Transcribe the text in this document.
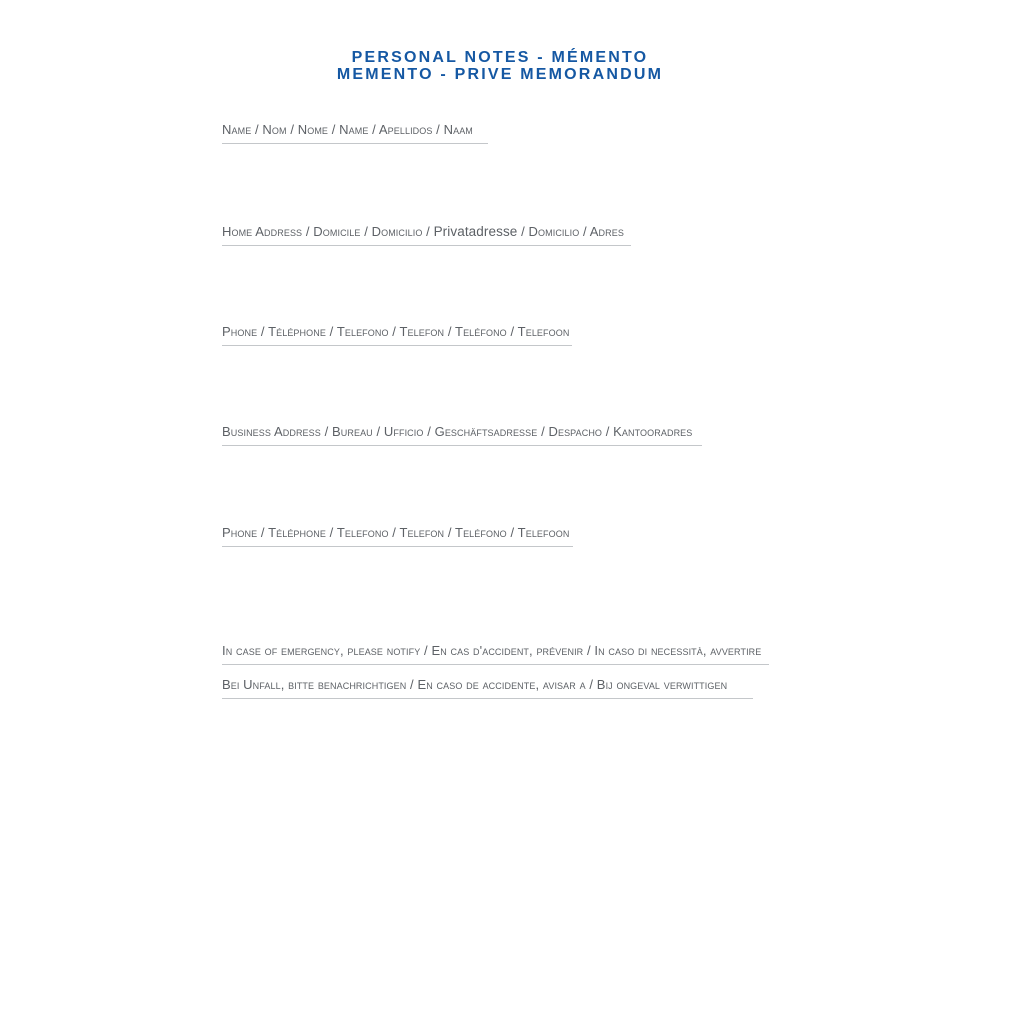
PERSONAL NOTES - MÉMENTO
MEMENTO - PRIVE MEMORANDUM
Name / Nom / Nome / Name / Apellidos / Naam
Home Address / Domicile / Domicilio / Privatadresse / Domicilio / Adres
Phone / Téléphone / Telefono / Telefon / Teléfono / Telefoon
Business Address / Bureau / Ufficio / Geschäftsadresse / Despacho / Kantooradres
Phone / Téléphone / Telefono / Telefon / Teléfono / Telefoon
In case of emergency, please notify / En cas d'accident, prévenir / In caso di necessità, avvertire
Bei Unfall, bitte benachrichtigen / En caso de accidente, avisar a / Bij ongeval verwittigen
